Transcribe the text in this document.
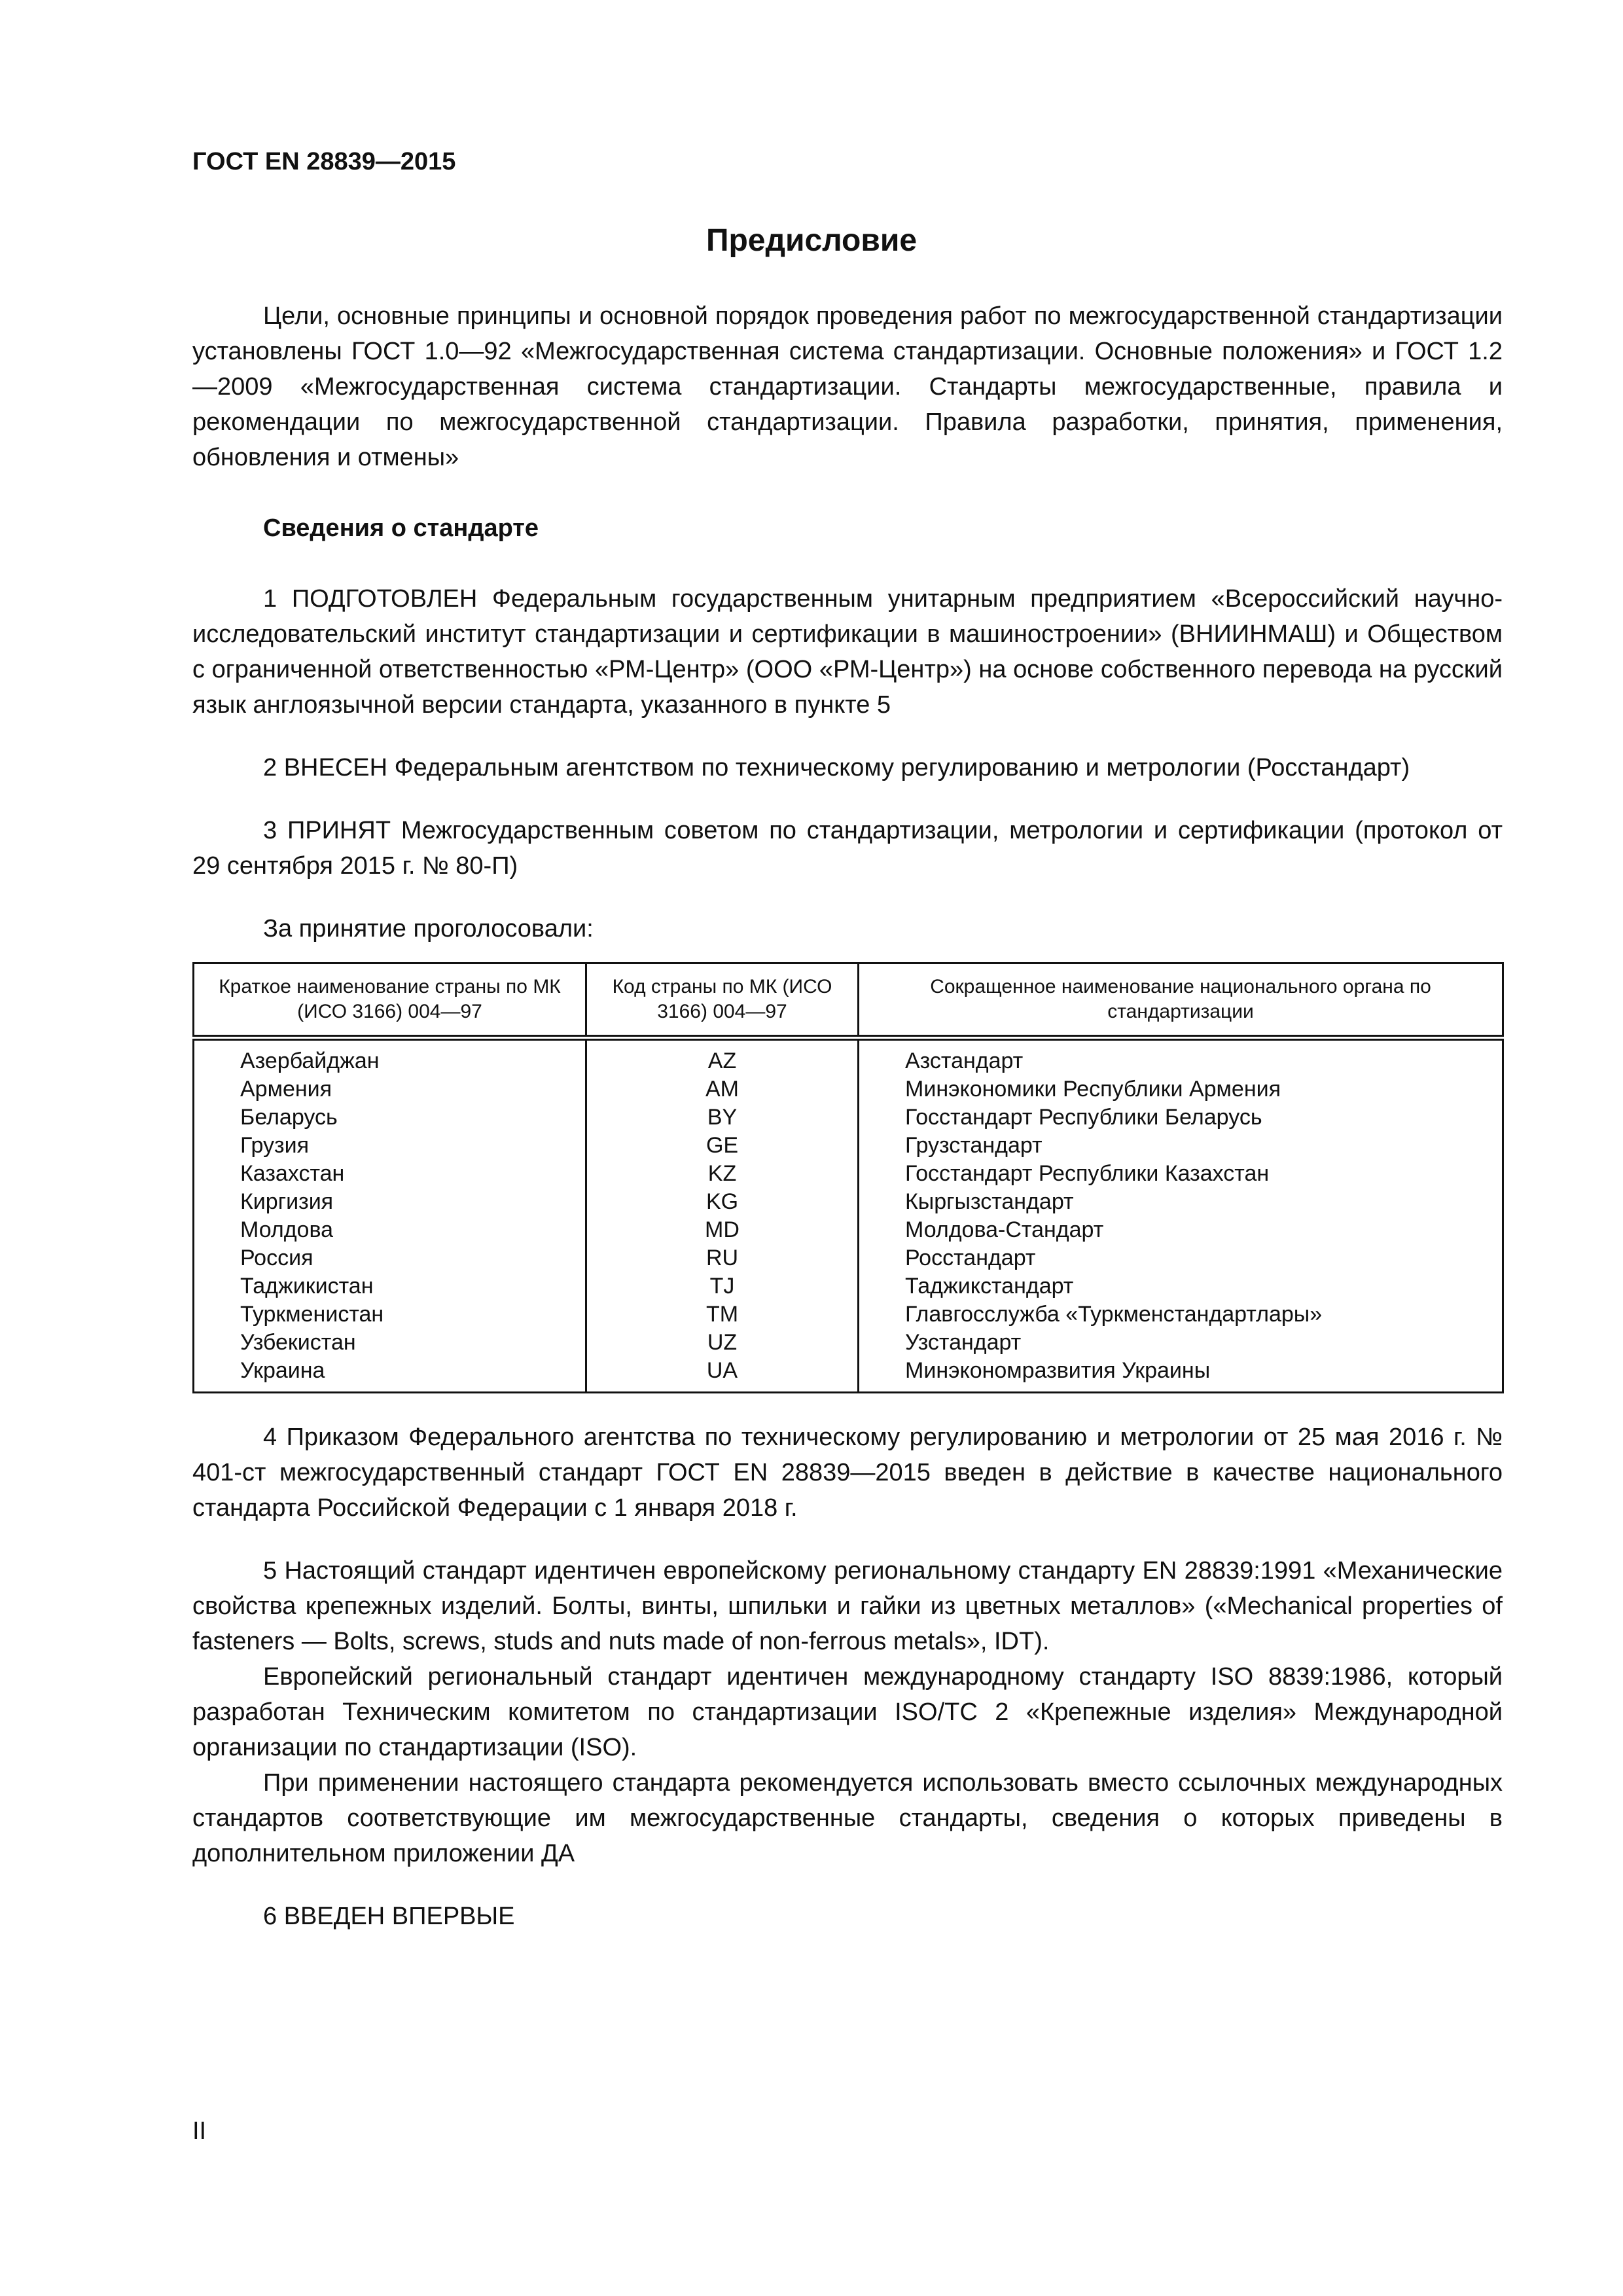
ГОСТ EN 28839—2015
Предисловие

Цели, основные принципы и основной порядок проведения работ по межгосударственной стандартизации установлены ГОСТ 1.0—92 «Межгосударственная система стандартизации. Основные положения» и ГОСТ 1.2—2009 «Межгосударственная система стандартизации. Стандарты межгосударственные, правила и рекомендации по межгосударственной стандартизации. Правила разработки, принятия, применения, обновления и отмены»

Сведения о стандарте

1 ПОДГОТОВЛЕН Федеральным государственным унитарным предприятием «Всероссийский научно-исследовательский институт стандартизации и сертификации в машиностроении» (ВНИИНМАШ) и Обществом с ограниченной ответственностью «РМ-Центр» (ООО «РМ-Центр») на основе собственного перевода на русский язык англоязычной версии стандарта, указанного в пункте 5

2 ВНЕСЕН Федеральным агентством по техническому регулированию и метрологии (Росстандарт)

3 ПРИНЯТ Межгосударственным советом по стандартизации, метрологии и сертификации (протокол от 29 сентября 2015 г. № 80-П)

За принятие проголосовали:

Краткое наименование страны по МК (ИСО 3166) 004—97	Код страны по МК (ИСО 3166) 004—97	Сокращенное наименование национального органа по стандартизации
Азербайджан	AZ	Азстандарт
Армения	AM	Минэкономики Республики Армения
Беларусь	BY	Госстандарт Республики Беларусь
Грузия	GE	Грузстандарт
Казахстан	KZ	Госстандарт Республики Казахстан
Киргизия	KG	Кыргызстандарт
Молдова	MD	Молдова-Стандарт
Россия	RU	Росстандарт
Таджикистан	TJ	Таджикстандарт
Туркменистан	TM	Главгосслужба «Туркменстандартлары»
Узбекистан	UZ	Узстандарт
Украина	UA	Минэкономразвития Украины

4 Приказом Федерального агентства по техническому регулированию и метрологии от 25 мая 2016 г. № 401-ст межгосударственный стандарт ГОСТ EN 28839—2015 введен в действие в качестве национального стандарта Российской Федерации с 1 января 2018 г.

5 Настоящий стандарт идентичен европейскому региональному стандарту EN 28839:1991 «Механические свойства крепежных изделий. Болты, винты, шпильки и гайки из цветных металлов» («Mechanical properties of fasteners — Bolts, screws, studs and nuts made of non-ferrous metals», IDT).

Европейский региональный стандарт идентичен международному стандарту ISO 8839:1986, который разработан Техническим комитетом по стандартизации ISO/TC 2 «Крепежные изделия» Международной организации по стандартизации (ISO).

При применении настоящего стандарта рекомендуется использовать вместо ссылочных международных стандартов соответствующие им межгосударственные стандарты, сведения о которых приведены в дополнительном приложении ДА

6 ВВЕДЕН ВПЕРВЫЕ

II
